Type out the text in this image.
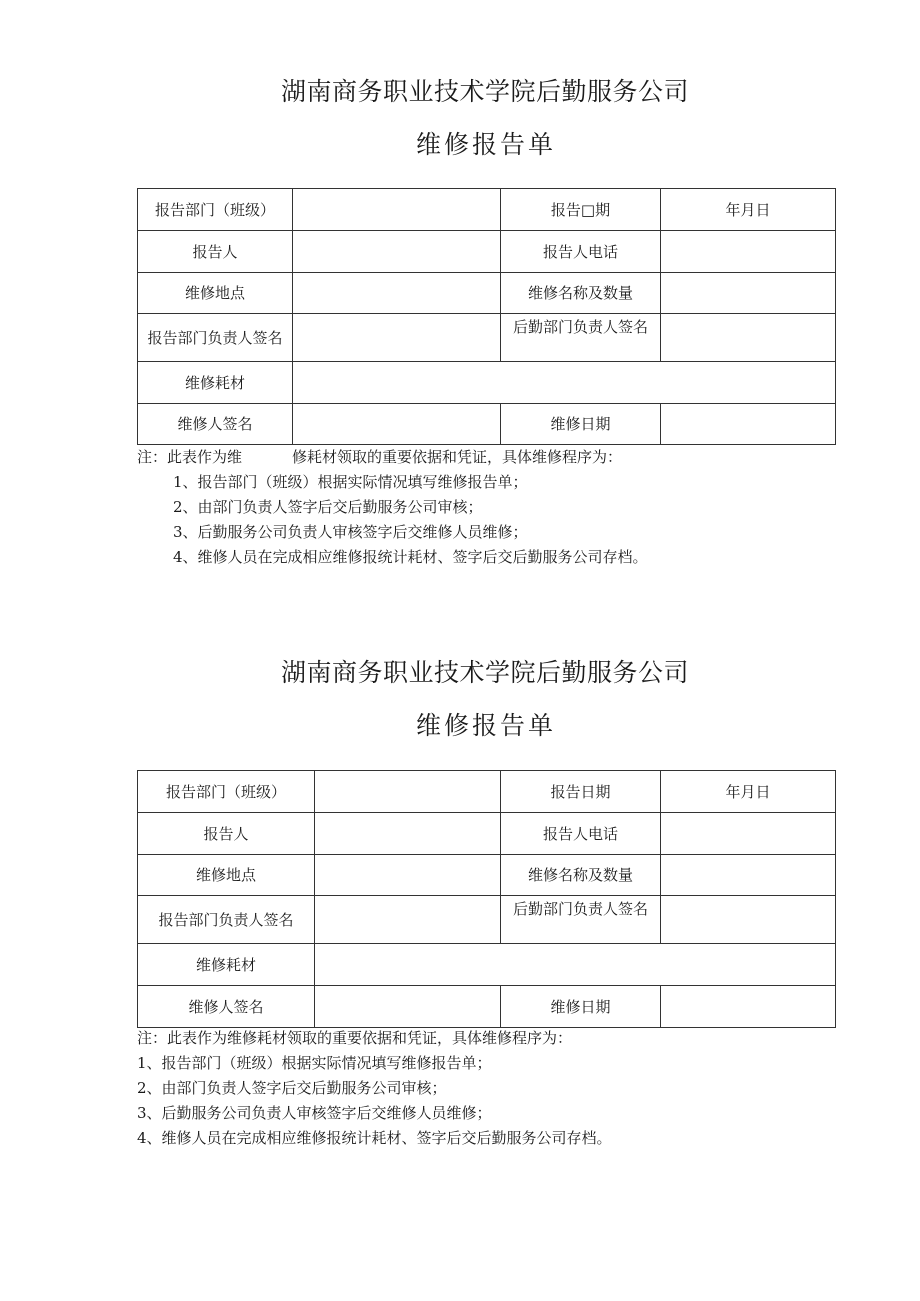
湖南商务职业技术学院后勤服务公司
维修报告单
报告部门（班级）		报告□期	年月日
报告人		报告人电话	
维修地点		维修名称及数量	
报告部门负责人签名		后勤部门负责人签名	
维修耗材			
维修人签名		维修日期	

注：此表作为维	修耗材领取的重要依据和凭证，具体维修程序为：

1、报告部门（班级）根据实际情况填写维修报告单；

2、由部门负责人签字后交后勤服务公司审核；

3、后勤服务公司负责人审核签字后交维修人员维修；

4、维修人员在完成相应维修报统计耗材、签字后交后勤服务公司存档。

湖南商务职业技术学院后勤服务公司
维修报告单
报告部门（班级）		报告日期	年月日
报告人		报告人电话	
维修地点		维修名称及数量	
报告部门负责人签名		后勤部门负责人签名	
维修耗材			
维修人签名		维修日期	

注：此表作为维修耗材领取的重要依据和凭证，具体维修程序为：

1、报告部门（班级）根据实际情况填写维修报告单；

2、由部门负责人签字后交后勤服务公司审核；

3、后勤服务公司负责人审核签字后交维修人员维修；

4、维修人员在完成相应维修报统计耗材、签字后交后勤服务公司存档。
